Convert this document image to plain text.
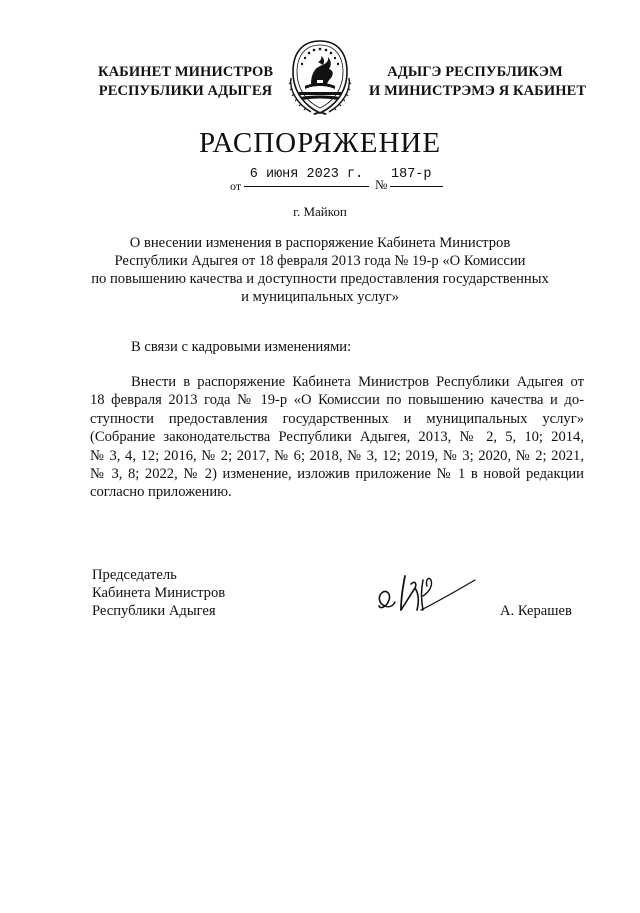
КАБИНЕТ МИНИСТРОВ
РЕСПУБЛИКИ АДЫГЕЯ
АДЫГЭ РЕСПУБЛИКЭМ
И МИНИСТРЭМЭ Я КАБИНЕТ
РАСПОРЯЖЕНИЕ
от
6 июня 2023 г.
№
187-р
г. Майкоп
О внесении изменения в распоряжение Кабинета Министров
Республики Адыгея от 18 февраля 2013 года № 19-р «О Комиссии
по повышению качества и доступности предоставления государственных
и муниципальных услуг»
В связи с кадровыми изменениями:
Внести в распоряжение Кабинета Министров Республики Адыгея от
18 февраля 2013 года № 19-р «О Комиссии по повышению качества и до-
ступности предоставления государственных и муниципальных услуг»
(Собрание законодательства Республики Адыгея, 2013, № 2, 5, 10; 2014,
№ 3, 4, 12; 2016, № 2; 2017, № 6; 2018, № 3, 12; 2019, № 3; 2020, № 2; 2021,
№ 3, 8; 2022, № 2) изменение, изложив приложение № 1 в новой редакции
согласно приложению.
Председатель
Кабинета Министров
Республики Адыгея	А. Керашев
